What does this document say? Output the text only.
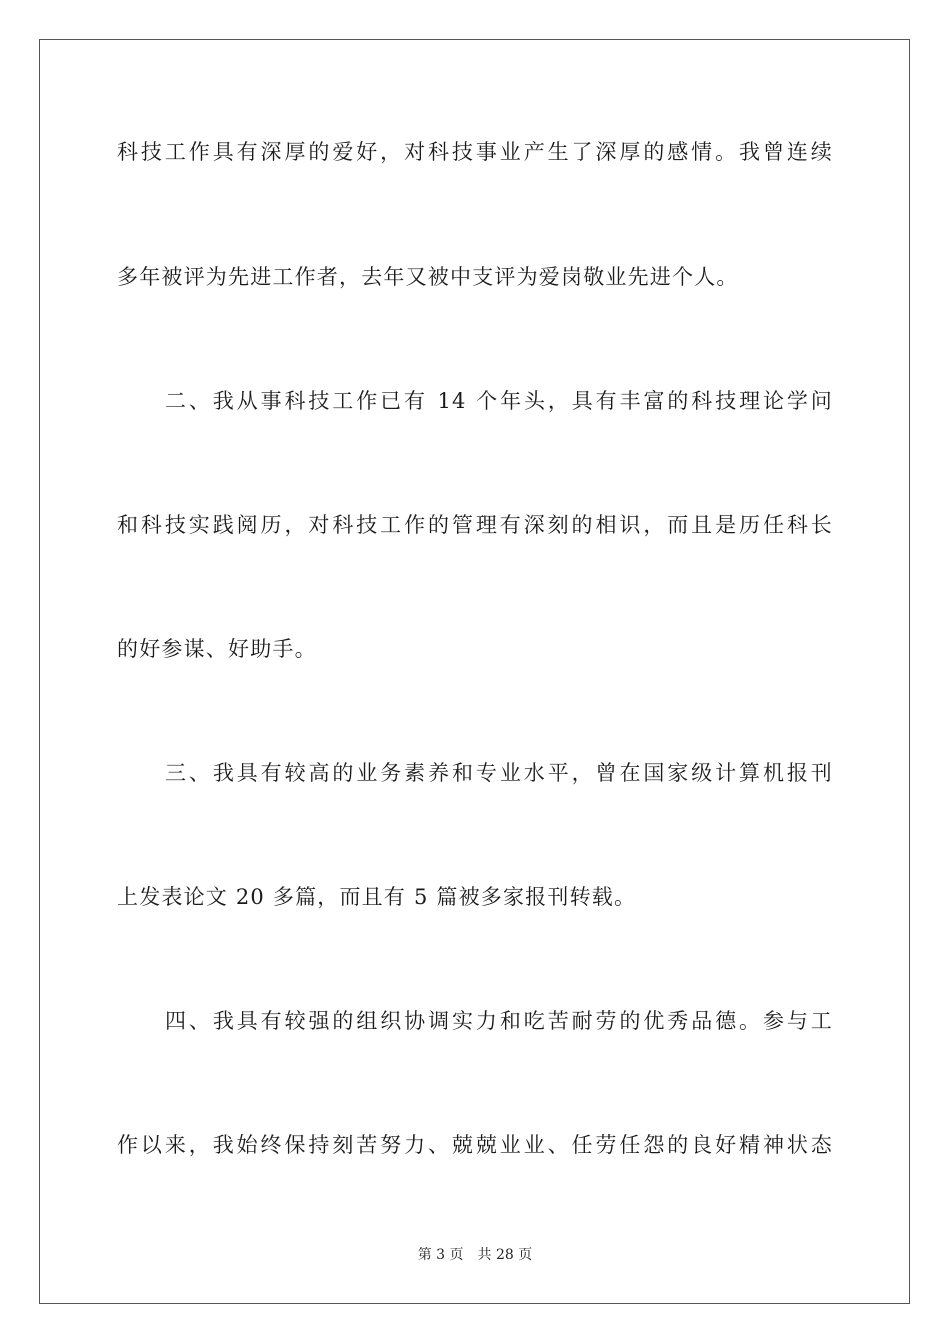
科技工作具有深厚的爱好，对科技事业产生了深厚的感情。我曾连续
多年被评为先进工作者，去年又被中支评为爱岗敬业先进个人。
二、我从事科技工作已有 14 个年头，具有丰富的科技理论学问
和科技实践阅历，对科技工作的管理有深刻的相识，而且是历任科长
的好参谋、好助手。
三、我具有较高的业务素养和专业水平，曾在国家级计算机报刊
上发表论文 20 多篇，而且有 5 篇被多家报刊转载。
四、我具有较强的组织协调实力和吃苦耐劳的优秀品德。参与工
作以来，我始终保持刻苦努力、兢兢业业、任劳任怨的良好精神状态
第 3 页 共 28 页
